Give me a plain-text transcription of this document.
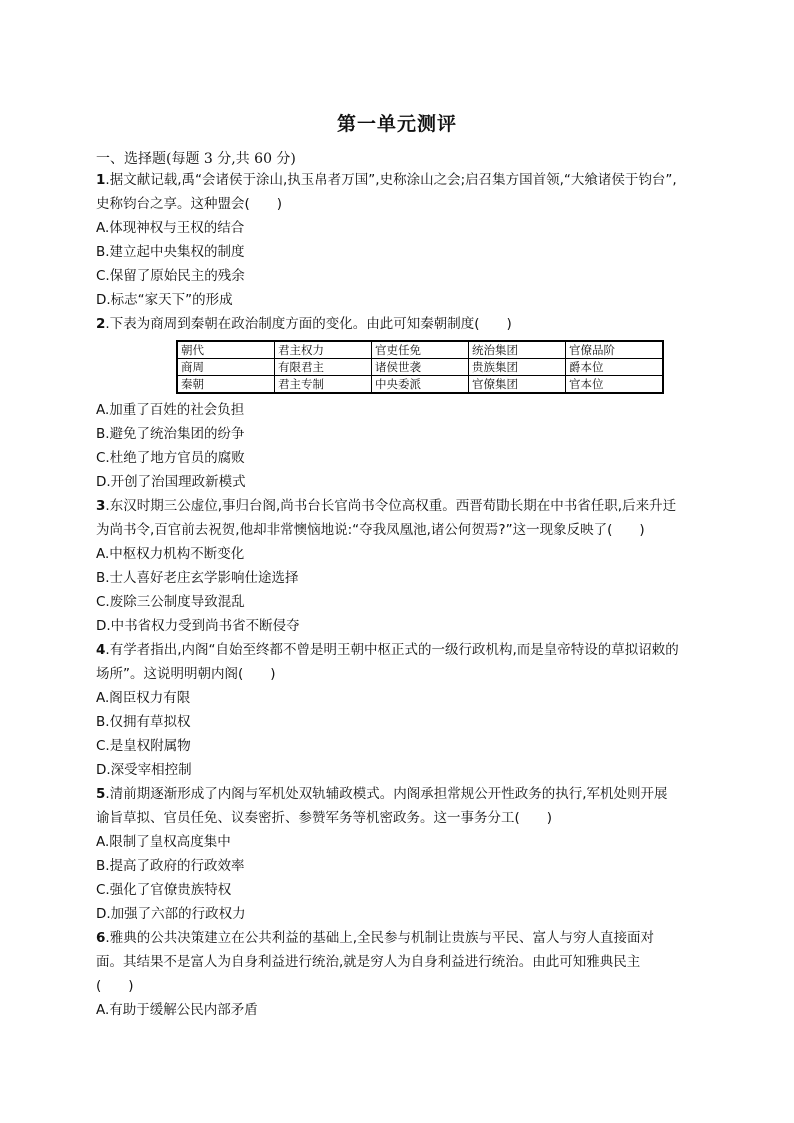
第一单元测评
一、选择题(每题 3 分,共 60 分)
1.据文献记载,禹“会诸侯于涂山,执玉帛者万国”,史称涂山之会;启召集方国首领,“大飨诸侯于钧台”,
史称钧台之享。这种盟会(　　)
A.体现神权与王权的结合
B.建立起中央集权的制度
C.保留了原始民主的残余
D.标志“家天下”的形成
2.下表为商周到秦朝在政治制度方面的变化。由此可知秦朝制度(　　)
朝代	君主权力	官吏任免	统治集团	官僚品阶
商周	有限君主	诸侯世袭	贵族集团	爵本位
秦朝	君主专制	中央委派	官僚集团	官本位
A.加重了百姓的社会负担
B.避免了统治集团的纷争
C.杜绝了地方官员的腐败
D.开创了治国理政新模式
3.东汉时期三公虚位,事归台阁,尚书台长官尚书令位高权重。西晋荀勖长期在中书省任职,后来升迁
为尚书令,百官前去祝贺,他却非常懊恼地说:“夺我凤凰池,诸公何贺焉?”这一现象反映了(　　)
A.中枢权力机构不断变化
B.士人喜好老庄玄学影响仕途选择
C.废除三公制度导致混乱
D.中书省权力受到尚书省不断侵夺
4.有学者指出,内阁“自始至终都不曾是明王朝中枢正式的一级行政机构,而是皇帝特设的草拟诏敕的
场所”。这说明明朝内阁(　　)
A.阁臣权力有限
B.仅拥有草拟权
C.是皇权附属物
D.深受宰相控制
5.清前期逐渐形成了内阁与军机处双轨辅政模式。内阁承担常规公开性政务的执行,军机处则开展
谕旨草拟、官员任免、议奏密折、参赞军务等机密政务。这一事务分工(　　)
A.限制了皇权高度集中
B.提高了政府的行政效率
C.强化了官僚贵族特权
D.加强了六部的行政权力
6.雅典的公共决策建立在公共利益的基础上,全民参与机制让贵族与平民、富人与穷人直接面对
面。其结果不是富人为自身利益进行统治,就是穷人为自身利益进行统治。由此可知雅典民主
(　　)
A.有助于缓解公民内部矛盾
